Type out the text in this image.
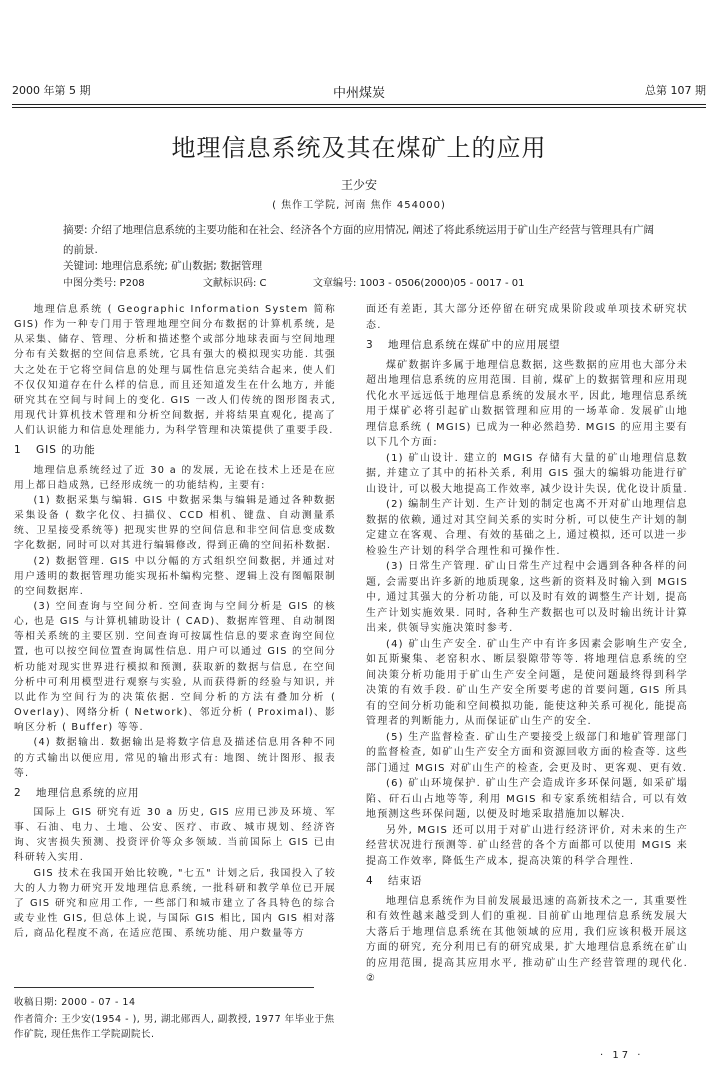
2000 年第 5 期	中州煤炭	总第 107 期
地理信息系统及其在煤矿上的应用
王少安
( 焦作工学院, 河南 焦作 454000)
摘要: 介绍了地理信息系统的主要功能和在社会、经济各个方面的应用情况, 阐述了将此系统运用于矿山生产经营与管理具有广阔的前景.
关键词: 地理信息系统; 矿山数据; 数据管理
中图分类号: P208	文献标识码: C	文章编号: 1003 - 0506(2000)05 - 0017 - 01

地理信息系统 ( Geographic Information System 简称 GIS) 作为一种专门用于管理地理空间分布数据的计算机系统, 是从采集、储存、管理、分析和描述整个或部分地球表面与空间地理分布有关数据的空间信息系统, 它具有强大的模拟现实功能. 其强大之处在于它将空间信息的处理与属性信息完美结合起来, 使人们不仅仅知道存在什么样的信息, 而且还知道发生在什么地方, 并能研究其在空间与时间上的变化. GIS 一改人们传统的图形图表式, 用现代计算机技术管理和分析空间数据, 并将结果直观化, 提高了人们认识能力和信息处理能力, 为科学管理和决策提供了重要手段.

1 GIS 的功能

地理信息系统经过了近 30 a 的发展, 无论在技术上还是在应用上都日趋成熟, 已经形成统一的功能结构, 主要有:

(1) 数据采集与编辑. GIS 中数据采集与编辑是通过各种数据采集设备 ( 数字化仪、扫描仪、CCD 相机、键盘、自动测量系统、卫星接受系统等) 把现实世界的空间信息和非空间信息变成数字化数据, 同时可以对其进行编辑修改, 得到正确的空间拓朴数据.

(2) 数据管理. GIS 中以分幅的方式组织空间数据, 并通过对用户透明的数据管理功能实现拓朴编构完整、逻辑上没有图幅限制的空间数据库.

(3) 空间查询与空间分析. 空间查询与空间分析是 GIS 的核心, 也是 GIS 与计算机辅助设计 ( CAD)、数据库管理、自动制图等相关系统的主要区别. 空间查询可按属性信息的要求查询空间位置, 也可以按空间位置查询属性信息. 用户可以通过 GIS 的空间分析功能对现实世界进行模拟和预测, 获取新的数据与信息, 在空间分析中可利用模型进行观察与实验, 从而获得新的经验与知识, 并以此作为空间行为的决策依据. 空间分析的方法有叠加分析 ( Overlay)、网络分析 ( Network)、邻近分析 ( Proximal)、影响区分析 ( Buffer) 等等.

(4) 数据输出. 数据输出是将数字信息及描述信息用各种不同的方式输出以便应用, 常见的输出形式有: 地图、统计图形、报表等.

2 地理信息系统的应用

国际上 GIS 研究有近 30 a 历史, GIS 应用已涉及环境、军事、石油、电力、土地、公安、医疗、市政、城市规划、经济咨询、灾害损失预测、投资评价等众多领域. 当前国际上 GIS 已由科研转入实用.

GIS 技术在我国开始比较晚, "七五" 计划之后, 我国投入了较大的人力物力研究开发地理信息系统, 一批科研和教学单位已开展了 GIS 研究和应用工作, 一些部门和城市建立了各具特色的综合或专业性 GIS, 但总体上说, 与国际 GIS 相比, 国内 GIS 相对落后, 商品化程度不高, 在适应范围、系统功能、用户数量等方

面还有差距, 其大部分还停留在研究成果阶段或单项技术研究状态.

3 地理信息系统在煤矿中的应用展望

煤矿数据许多属于地理信息数据, 这些数据的应用也大部分未超出地理信息系统的应用范围. 目前, 煤矿上的数据管理和应用现代化水平远远低于地理信息系统的发展水平, 因此, 地理信息系统用于煤矿必将引起矿山数据管理和应用的一场革命. 发展矿山地理信息系统 ( MGIS) 已成为一种必然趋势. MGIS 的应用主要有以下几个方面:

(1) 矿山设计. 建立的 MGIS 存储有大量的矿山地理信息数据, 并建立了其中的拓朴关系, 利用 GIS 强大的编辑功能进行矿山设计, 可以极大地提高工作效率, 减少设计失误, 优化设计质量.

(2) 编制生产计划. 生产计划的制定也离不开对矿山地理信息数据的依赖, 通过对其空间关系的实时分析, 可以使生产计划的制定建立在客观、合理、有效的基础之上, 通过模拟, 还可以进一步检验生产计划的科学合理性和可操作性.

(3) 日常生产管理. 矿山日常生产过程中会遇到各种各样的问题, 会需要出许多新的地质现象, 这些新的资料及时输入到 MGIS 中, 通过其强大的分析功能, 可以及时有效的调整生产计划, 提高生产计划实施效果. 同时, 各种生产数据也可以及时输出统计计算出来, 供领导实施决策时参考.

(4) 矿山生产安全. 矿山生产中有许多因素会影响生产安全, 如瓦斯聚集、老窑积水、断层裂隙带等等. 将地理信息系统的空间决策分析功能用于矿山生产安全问题，是使问题最终得到科学决策的有效手段. 矿山生产安全所要考虑的首要问题, GIS 所具有的空间分析功能和空间模拟功能, 能使这种关系可视化, 能提高管理者的判断能力, 从而保证矿山生产的安全.

(5) 生产监督检查. 矿山生产要接受上级部门和地矿管理部门的监督检查, 如矿山生产安全方面和资源回收方面的检查等. 这些部门通过 MGIS 对矿山生产的检查, 会更及时、更客观、更有效.

(6) 矿山环境保护. 矿山生产会造成许多环保问题, 如采矿塌陷、矸石山占地等等, 利用 MGIS 和专家系统相结合, 可以有效地预测这些环保问题, 以便及时地采取措施加以解决.

另外, MGIS 还可以用于对矿山进行经济评价, 对未来的生产经营状况进行预测等. 矿山经营的各个方面都可以使用 MGIS 来提高工作效率, 降低生产成本, 提高决策的科学合理性.

4 结束语

地理信息系统作为目前发展最迅速的高新技术之一, 其重要性和有效性越来越受到人们的重视. 目前矿山地理信息系统发展大大落后于地理信息系统在其他领域的应用, 我们应该积极开展这方面的研究, 充分利用已有的研究成果, 扩大地理信息系统在矿山的应用范围, 提高其应用水平, 推动矿山生产经营管理的现代化. ②

收稿日期: 2000 - 07 - 14
作者简介: 王少安(1954 - ), 男, 湖北郧西人, 副教授, 1977 年毕业于焦作矿院, 现任焦作工学院副院长.
· 17 ·
